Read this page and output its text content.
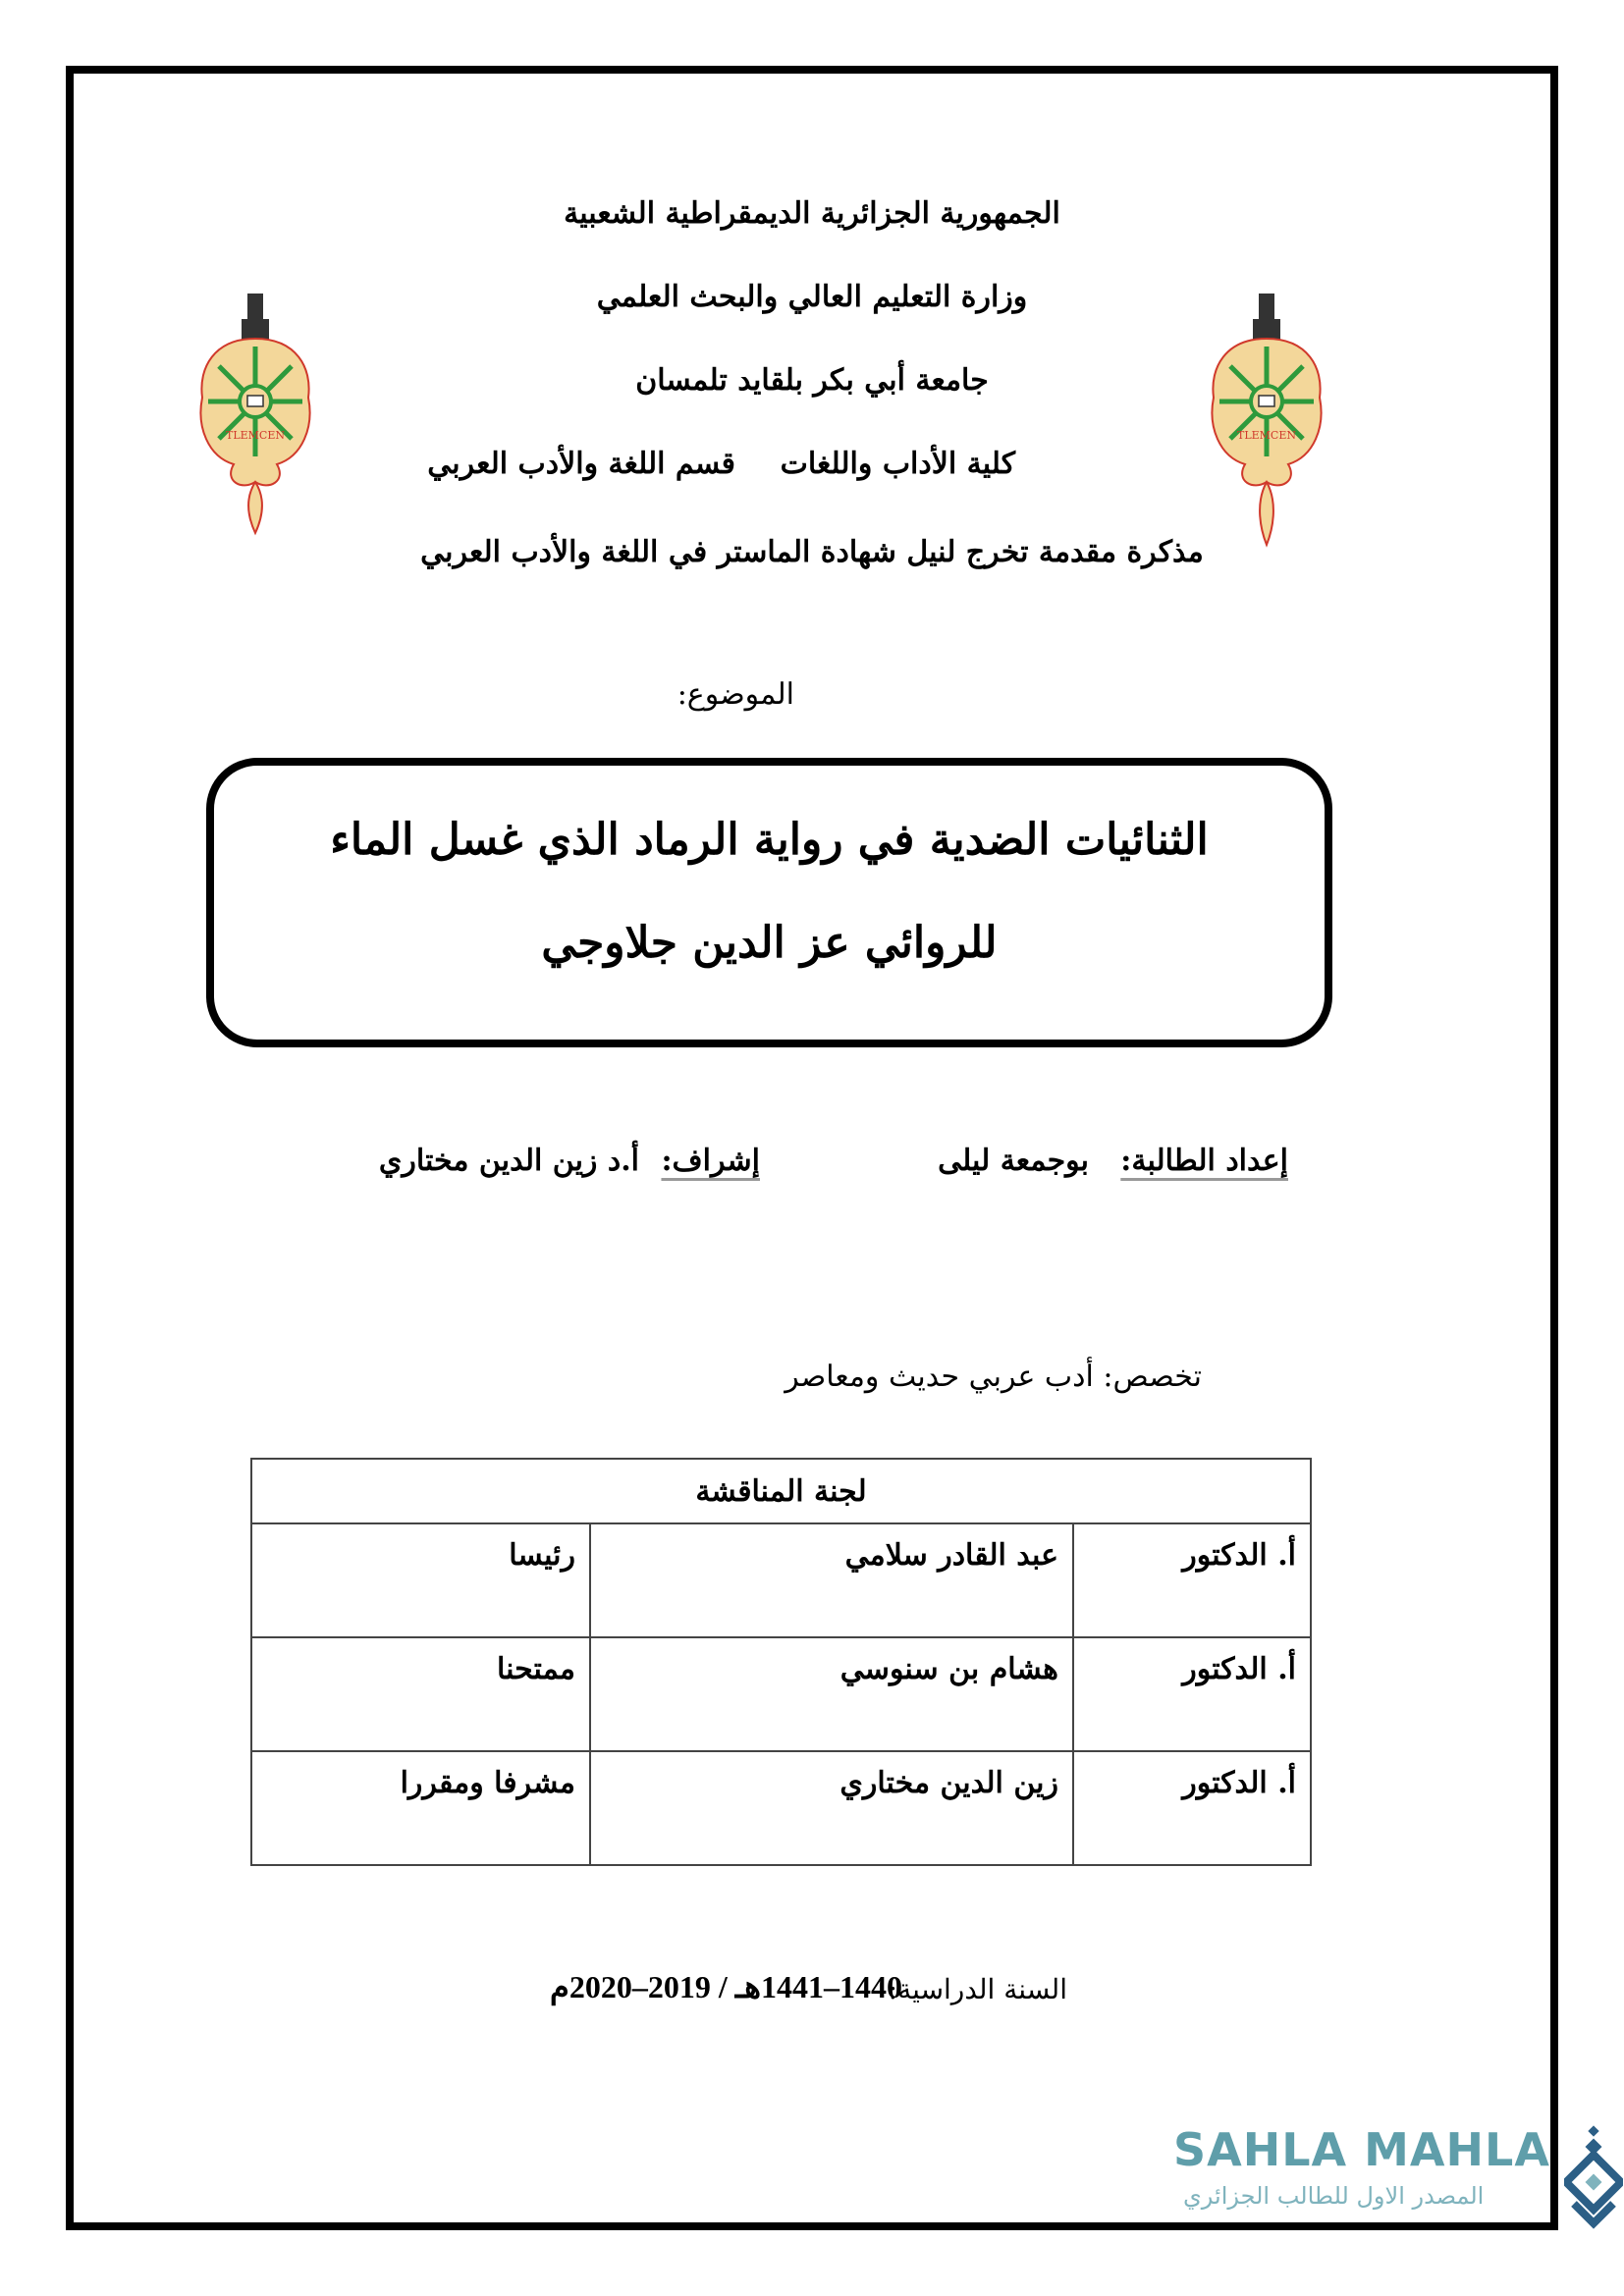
الجمهورية الجزائرية الديمقراطية الشعبية
وزارة التعليم العالي والبحث العلمي
جامعة أبي بكر بلقايد تلمسان
كلية الأداب واللغات
قسم اللغة والأدب العربي
مذكرة مقدمة تخرج لنيل شهادة الماستر في اللغة والأدب العربي
TLEMCEN	TLEMCEN
الموضوع:
الثنائيات الضدية في رواية الرماد الذي غسل الماء
للروائي عز الدين جلاوجي
إعداد الطالبة:
بوجمعة ليلى
إشراف:
أ.د زين الدين مختاري
تخصص: أدب عربي حديث ومعاصر
لجنة المناقشة		
أ. الدكتور	عبد القادر سلامي	رئيسا
أ. الدكتور	هشام بن سنوسي	ممتحنا
أ. الدكتور	زين الدين مختاري	مشرفا ومقررا
السنة الدراسية:
1440–1441هـ / 2019–2020م
SAHLA MAHLA
المصدر الاول للطالب الجزائري
